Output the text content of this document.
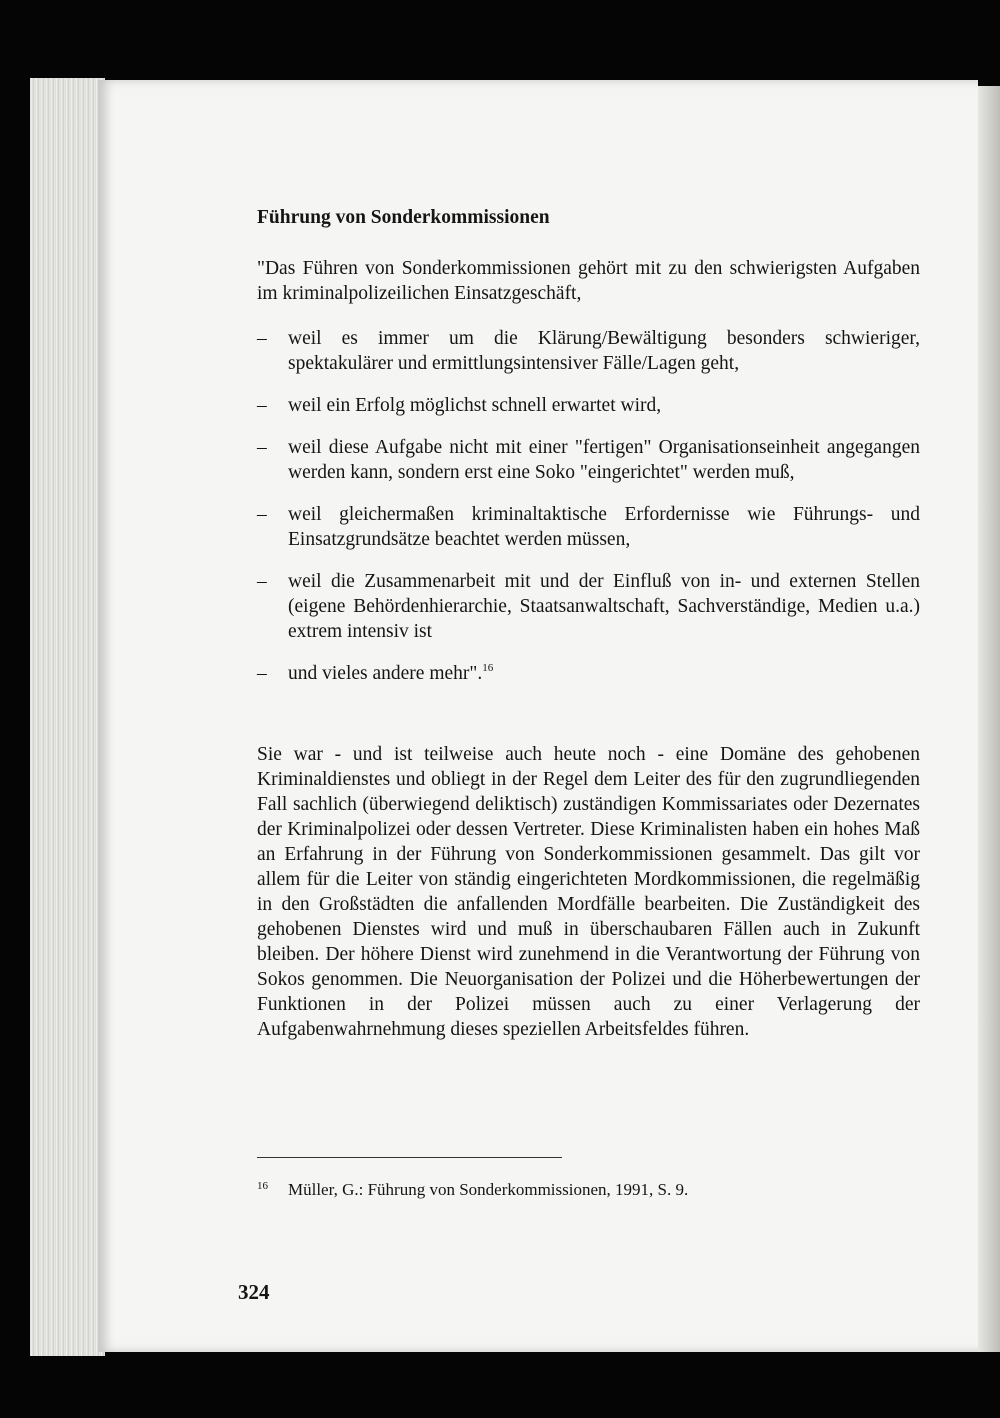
Führung von Sonderkommissionen

"Das Führen von Sonderkommissionen gehört mit zu den schwierigsten Aufgaben im kriminalpolizeilichen Einsatzgeschäft,

– weil es immer um die Klärung/Bewältigung besonders schwieriger, spektakulärer und ermittlungsintensiver Fälle/Lagen geht,
– weil ein Erfolg möglichst schnell erwartet wird,
– weil diese Aufgabe nicht mit einer "fertigen" Organisationseinheit angegangen werden kann, sondern erst eine Soko "eingerichtet" werden muß,
– weil gleichermaßen kriminaltaktische Erfordernisse wie Führungs- und Einsatzgrundsätze beachtet werden müssen,
– weil die Zusammenarbeit mit und der Einfluß von in- und externen Stellen (eigene Behördenhierarchie, Staatsanwaltschaft, Sachverständige, Medien u.a.) extrem intensiv ist
– und vieles andere mehr".$^{16}$

Sie war - und ist teilweise auch heute noch - eine Domäne des gehobenen Kriminaldienstes und obliegt in der Regel dem Leiter des für den zugrundliegenden Fall sachlich (überwiegend deliktisch) zuständigen Kommissariates oder Dezernates der Kriminalpolizei oder dessen Vertreter. Diese Kriminalisten haben ein hohes Maß an Erfahrung in der Führung von Sonderkommissionen gesammelt. Das gilt vor allem für die Leiter von ständig eingerichteten Mordkommissionen, die regelmäßig in den Großstädten die anfallenden Mordfälle bearbeiten. Die Zuständigkeit des gehobenen Dienstes wird und muß in überschaubaren Fällen auch in Zukunft bleiben. Der höhere Dienst wird zunehmend in die Verantwortung der Führung von Sokos genommen. Die Neuorganisation der Polizei und die Höherbewertungen der Funktionen in der Polizei müssen auch zu einer Verlagerung der Aufgabenwahrnehmung dieses speziellen Arbeitsfeldes führen.

$^{16}$ Müller, G.: Führung von Sonderkommissionen, 1991, S. 9.
324
